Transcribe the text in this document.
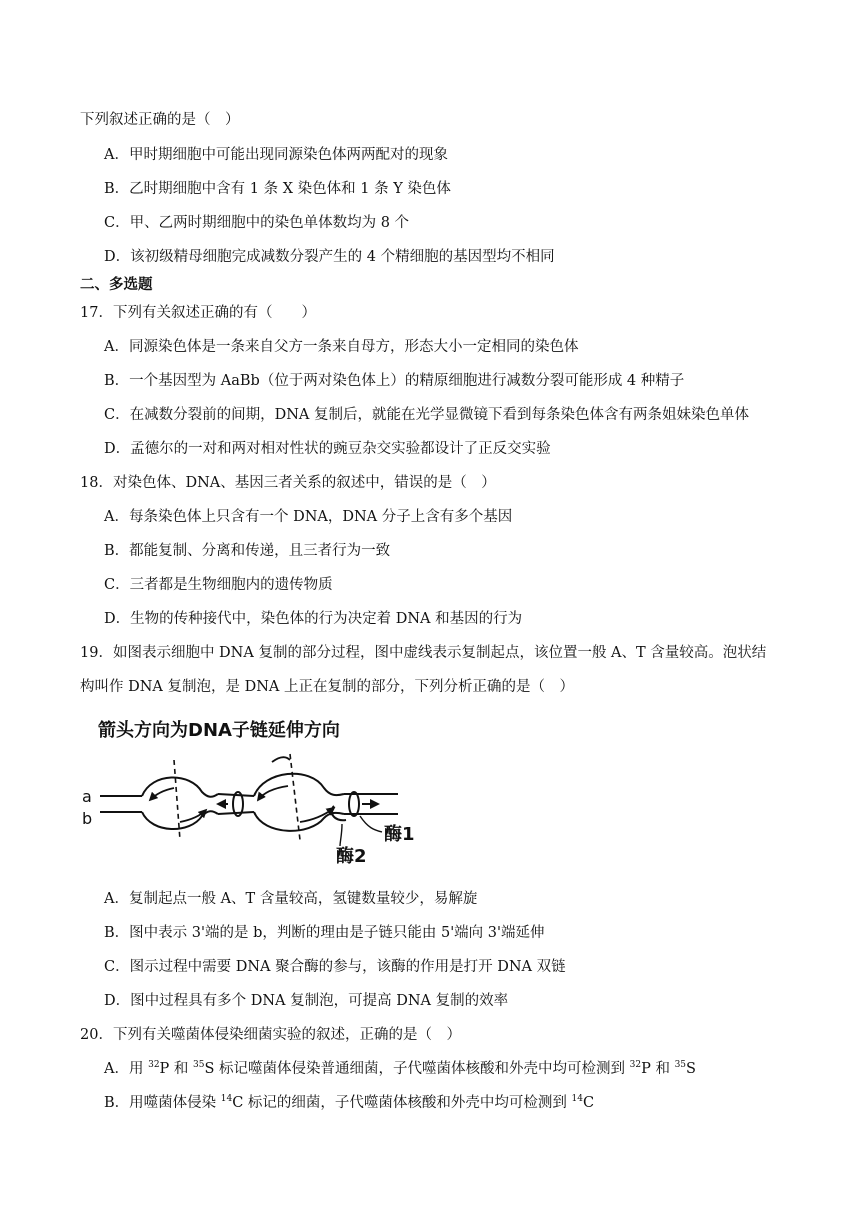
下列叙述正确的是（　）
A．甲时期细胞中可能出现同源染色体两两配对的现象
B．乙时期细胞中含有 1 条 X 染色体和 1 条 Y 染色体
C．甲、乙两时期细胞中的染色单体数均为 8 个
D．该初级精母细胞完成减数分裂产生的 4 个精细胞的基因型均不相同
二、多选题
17．下列有关叙述正确的有（　　）
A．同源染色体是一条来自父方一条来自母方，形态大小一定相同的染色体
B．一个基因型为 AaBb（位于两对染色体上）的精原细胞进行减数分裂可能形成 4 种精子
C．在减数分裂前的间期，DNA 复制后，就能在光学显微镜下看到每条染色体含有两条姐妹染色单体
D．孟德尔的一对和两对相对性状的豌豆杂交实验都设计了正反交实验
18．对染色体、DNA、基因三者关系的叙述中，错误的是（　）
A．每条染色体上只含有一个 DNA，DNA 分子上含有多个基因
B．都能复制、分离和传递，且三者行为一致
C．三者都是生物细胞内的遗传物质
D．生物的传种接代中，染色体的行为决定着 DNA 和基因的行为
19．如图表示细胞中 DNA 复制的部分过程，图中虚线表示复制起点，该位置一般 A、T 含量较高。泡状结
构叫作 DNA 复制泡，是 DNA 上正在复制的部分，下列分析正确的是（　）
箭头方向为DNA子链延伸方向
a
b
酶1
酶2
A．复制起点一般 A、T 含量较高，氢键数量较少，易解旋
B．图中表示 3'端的是 b，判断的理由是子链只能由 5'端向 3'端延伸
C．图示过程中需要 DNA 聚合酶的参与，该酶的作用是打开 DNA 双链
D．图中过程具有多个 DNA 复制泡，可提高 DNA 复制的效率
20．下列有关噬菌体侵染细菌实验的叙述，正确的是（　）
A．用 $^{32}$P 和 $^{35}$S 标记噬菌体侵染普通细菌，子代噬菌体核酸和外壳中均可检测到 $^{32}$P 和 $^{35}$S
B．用噬菌体侵染 $^{14}$C 标记的细菌，子代噬菌体核酸和外壳中均可检测到 $^{14}$C
